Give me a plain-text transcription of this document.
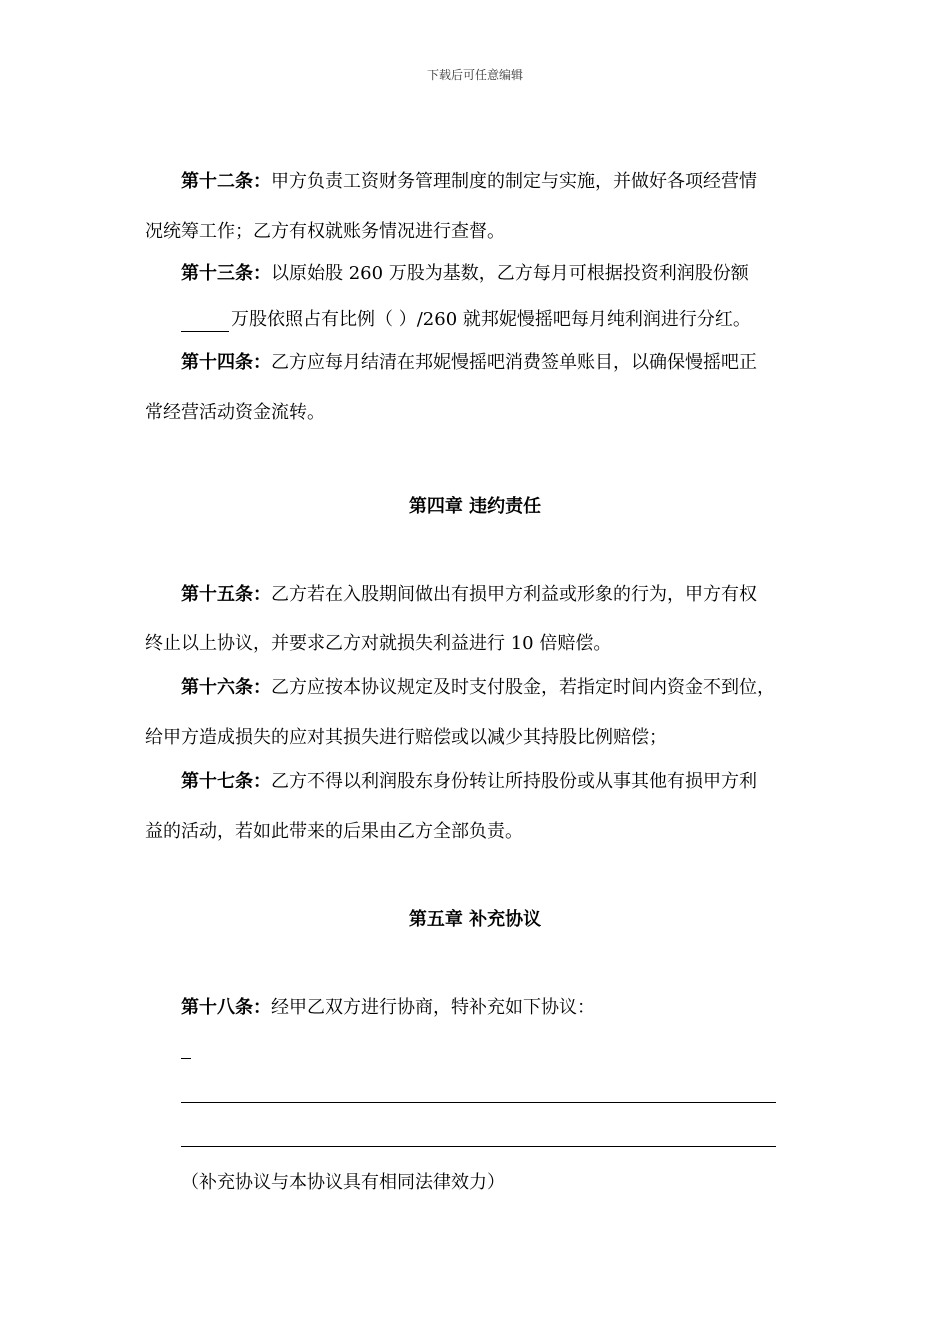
下载后可任意编辑
第十二条：甲方负责工资财务管理制度的制定与实施，并做好各项经营情
况统筹工作；乙方有权就账务情况进行查督。
第十三条：以原始股 260 万股为基数，乙方每月可根据投资利润股份额
万股依照占有比例（ ）/260 就邦妮慢摇吧每月纯利润进行分红。
第十四条：乙方应每月结清在邦妮慢摇吧消费签单账目，以确保慢摇吧正
常经营活动资金流转。
第四章 违约责任
第十五条：乙方若在入股期间做出有损甲方利益或形象的行为，甲方有权
终止以上协议，并要求乙方对就损失利益进行 10 倍赔偿。
第十六条：乙方应按本协议规定及时支付股金，若指定时间内资金不到位，
给甲方造成损失的应对其损失进行赔偿或以减少其持股比例赔偿；
第十七条：乙方不得以利润股东身份转让所持股份或从事其他有损甲方利
益的活动，若如此带来的后果由乙方全部负责。
第五章 补充协议
第十八条：经甲乙双方进行协商，特补充如下协议：
（补充协议与本协议具有相同法律效力）
